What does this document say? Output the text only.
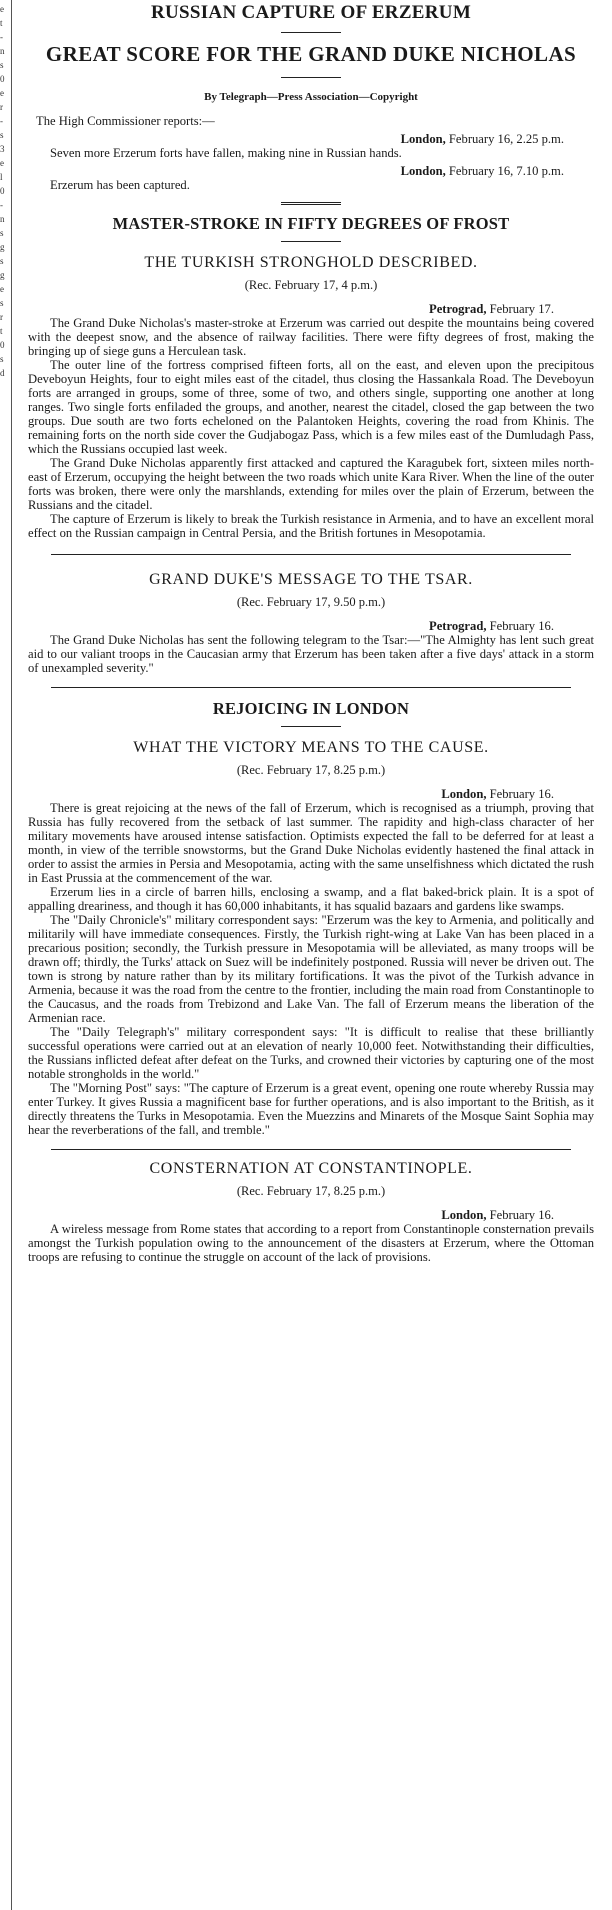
e
t
-
n
s
0
e
r
-
s
3
e
l
0
-
n
s
g
s
g
e
s
r
t
0
s
d
RUSSIAN CAPTURE OF ERZERUM
GREAT SCORE FOR THE GRAND DUKE NICHOLAS
By Telegraph—Press Association—Copyright
The High Commissioner reports:—
London, February 16, 2.25 p.m.

Seven more Erzerum forts have fallen, making nine in Russian hands.

London, February 16, 7.10 p.m.

Erzerum has been captured.

MASTER-STROKE IN FIFTY DEGREES OF FROST
THE TURKISH STRONGHOLD DESCRIBED.
(Rec. February 17, 4 p.m.)
Petrograd, February 17.

The Grand Duke Nicholas's master-stroke at Erzerum was carried out despite the mountains being covered with the deepest snow, and the absence of railway facilities. There were fifty degrees of frost, making the bringing up of siege guns a Herculean task.

The outer line of the fortress comprised fifteen forts, all on the east, and eleven upon the precipitous Deveboyun Heights, four to eight miles east of the citadel, thus closing the Hassankala Road. The Deveboyun forts are arranged in groups, some of three, some of two, and others single, supporting one another at long ranges. Two single forts enfiladed the groups, and another, nearest the citadel, closed the gap between the two groups. Due south are two forts echeloned on the Palantoken Heights, covering the road from Khinis. The remaining forts on the north side cover the Gudjabogaz Pass, which is a few miles east of the Dumludagh Pass, which the Russians occupied last week.

The Grand Duke Nicholas apparently first attacked and captured the Karagubek fort, sixteen miles north-east of Erzerum, occupying the height between the two roads which unite Kara River. When the line of the outer forts was broken, there were only the marshlands, extending for miles over the plain of Erzerum, between the Russians and the citadel.

The capture of Erzerum is likely to break the Turkish resistance in Armenia, and to have an excellent moral effect on the Russian campaign in Central Persia, and the British fortunes in Mesopotamia.

GRAND DUKE'S MESSAGE TO THE TSAR.
(Rec. February 17, 9.50 p.m.)
Petrograd, February 16.

The Grand Duke Nicholas has sent the following telegram to the Tsar:—"The Almighty has lent such great aid to our valiant troops in the Caucasian army that Erzerum has been taken after a five days' attack in a storm of unexampled severity."

REJOICING IN LONDON
WHAT THE VICTORY MEANS TO THE CAUSE.
(Rec. February 17, 8.25 p.m.)
London, February 16.

There is great rejoicing at the news of the fall of Erzerum, which is recognised as a triumph, proving that Russia has fully recovered from the setback of last summer. The rapidity and high-class character of her military movements have aroused intense satisfaction. Optimists expected the fall to be deferred for at least a month, in view of the terrible snowstorms, but the Grand Duke Nicholas evidently hastened the final attack in order to assist the armies in Persia and Mesopotamia, acting with the same unselfishness which dictated the rush in East Prussia at the commencement of the war.

Erzerum lies in a circle of barren hills, enclosing a swamp, and a flat baked-brick plain. It is a spot of appalling dreariness, and though it has 60,000 inhabitants, it has squalid bazaars and gardens like swamps.

The "Daily Chronicle's" military correspondent says: "Erzerum was the key to Armenia, and politically and militarily will have immediate consequences. Firstly, the Turkish right-wing at Lake Van has been placed in a precarious position; secondly, the Turkish pressure in Mesopotamia will be alleviated, as many troops will be drawn off; thirdly, the Turks' attack on Suez will be indefinitely postponed. Russia will never be driven out. The town is strong by nature rather than by its military fortifications. It was the pivot of the Turkish advance in Armenia, because it was the road from the centre to the frontier, including the main road from Constantinople to the Caucasus, and the roads from Trebizond and Lake Van. The fall of Erzerum means the liberation of the Armenian race.

The "Daily Telegraph's" military correspondent says: "It is difficult to realise that these brilliantly successful operations were carried out at an elevation of nearly 10,000 feet. Notwithstanding their difficulties, the Russians inflicted defeat after defeat on the Turks, and crowned their victories by capturing one of the most notable strongholds in the world."

The "Morning Post" says: "The capture of Erzerum is a great event, opening one route whereby Russia may enter Turkey. It gives Russia a magnificent base for further operations, and is also important to the British, as it directly threatens the Turks in Mesopotamia. Even the Muezzins and Minarets of the Mosque Saint Sophia may hear the reverberations of the fall, and tremble."

CONSTERNATION AT CONSTANTINOPLE.
(Rec. February 17, 8.25 p.m.)
London, February 16.

A wireless message from Rome states that according to a report from Constantinople consternation prevails amongst the Turkish population owing to the announcement of the disasters at Erzerum, where the Ottoman troops are refusing to continue the struggle on account of the lack of provisions.
